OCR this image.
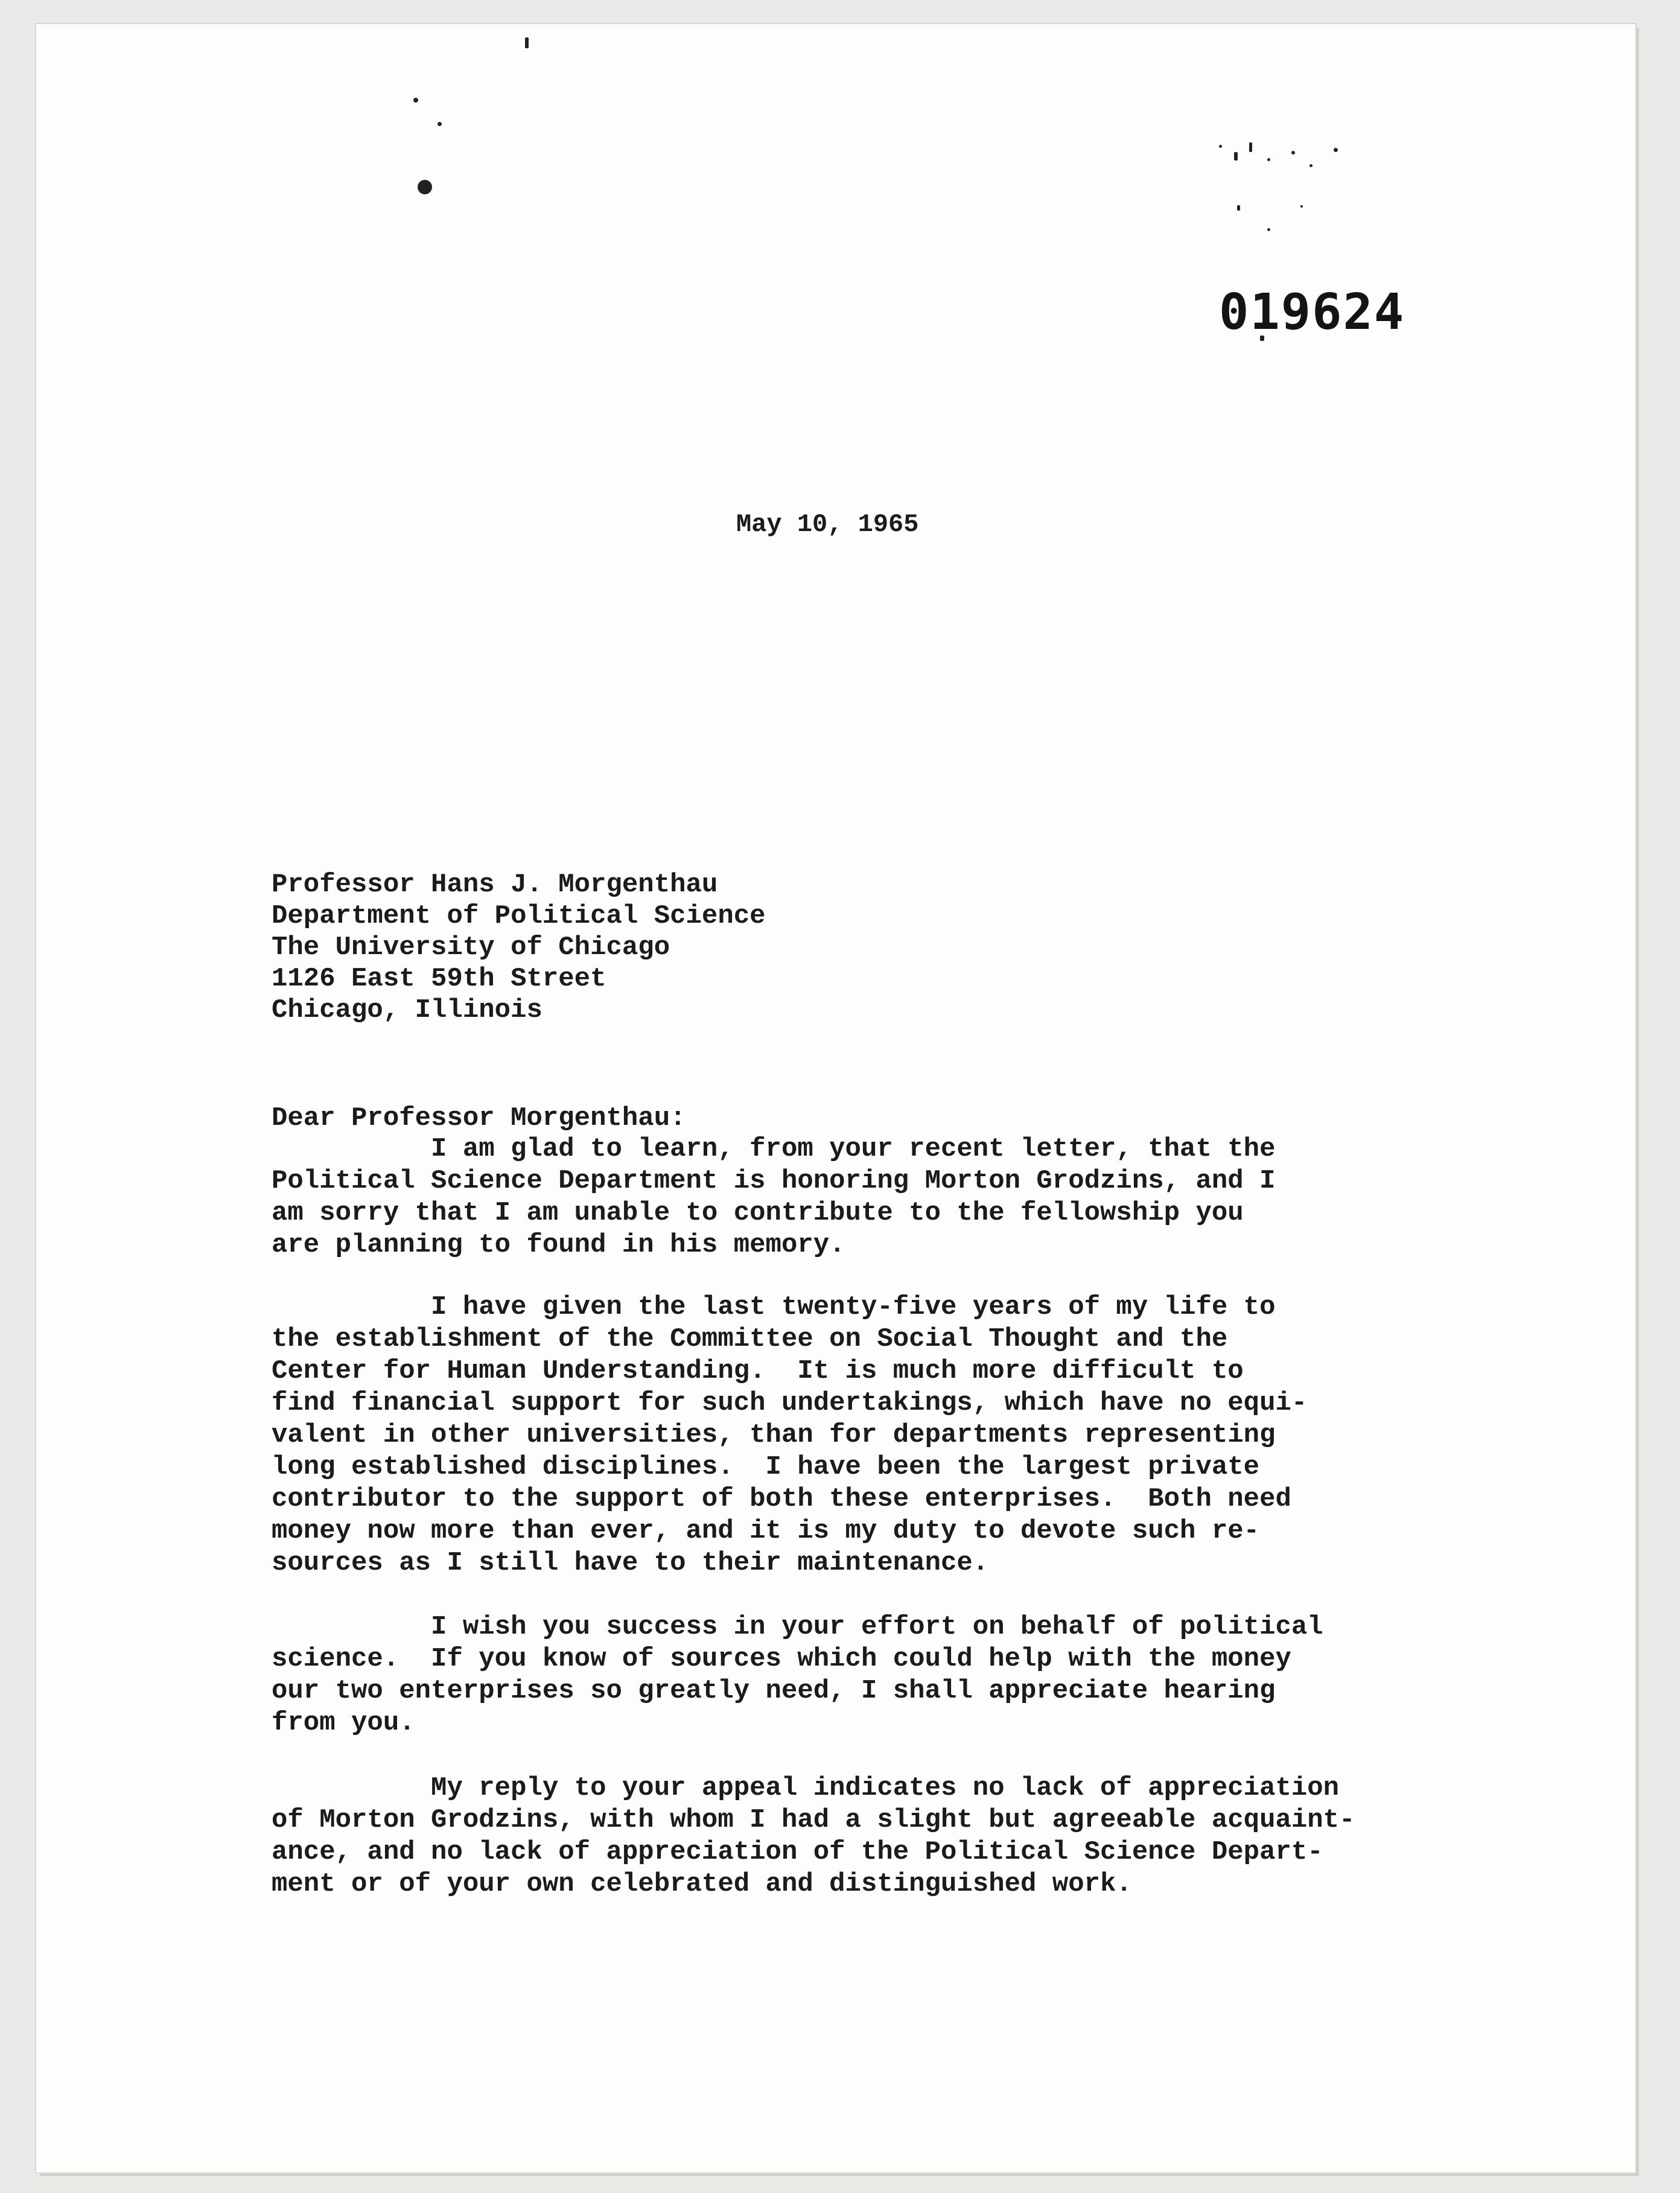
019624
May 10, 1965
Professor Hans J. Morgenthau
Department of Political Science
The University of Chicago
1126 East 59th Street
Chicago, Illinois
Dear Professor Morgenthau:
I am glad to learn, from your recent letter, that the
Political Science Department is honoring Morton Grodzins, and I
am sorry that I am unable to contribute to the fellowship you
are planning to found in his memory.
I have given the last twenty-five years of my life to
the establishment of the Committee on Social Thought and the
Center for Human Understanding.  It is much more difficult to
find financial support for such undertakings, which have no equi-
valent in other universities, than for departments representing
long established disciplines.  I have been the largest private
contributor to the support of both these enterprises.  Both need
money now more than ever, and it is my duty to devote such re-
sources as I still have to their maintenance.
I wish you success in your effort on behalf of political
science.  If you know of sources which could help with the money
our two enterprises so greatly need, I shall appreciate hearing
from you.
My reply to your appeal indicates no lack of appreciation
of Morton Grodzins, with whom I had a slight but agreeable acquaint-
ance, and no lack of appreciation of the Political Science Depart-
ment or of your own celebrated and distinguished work.
